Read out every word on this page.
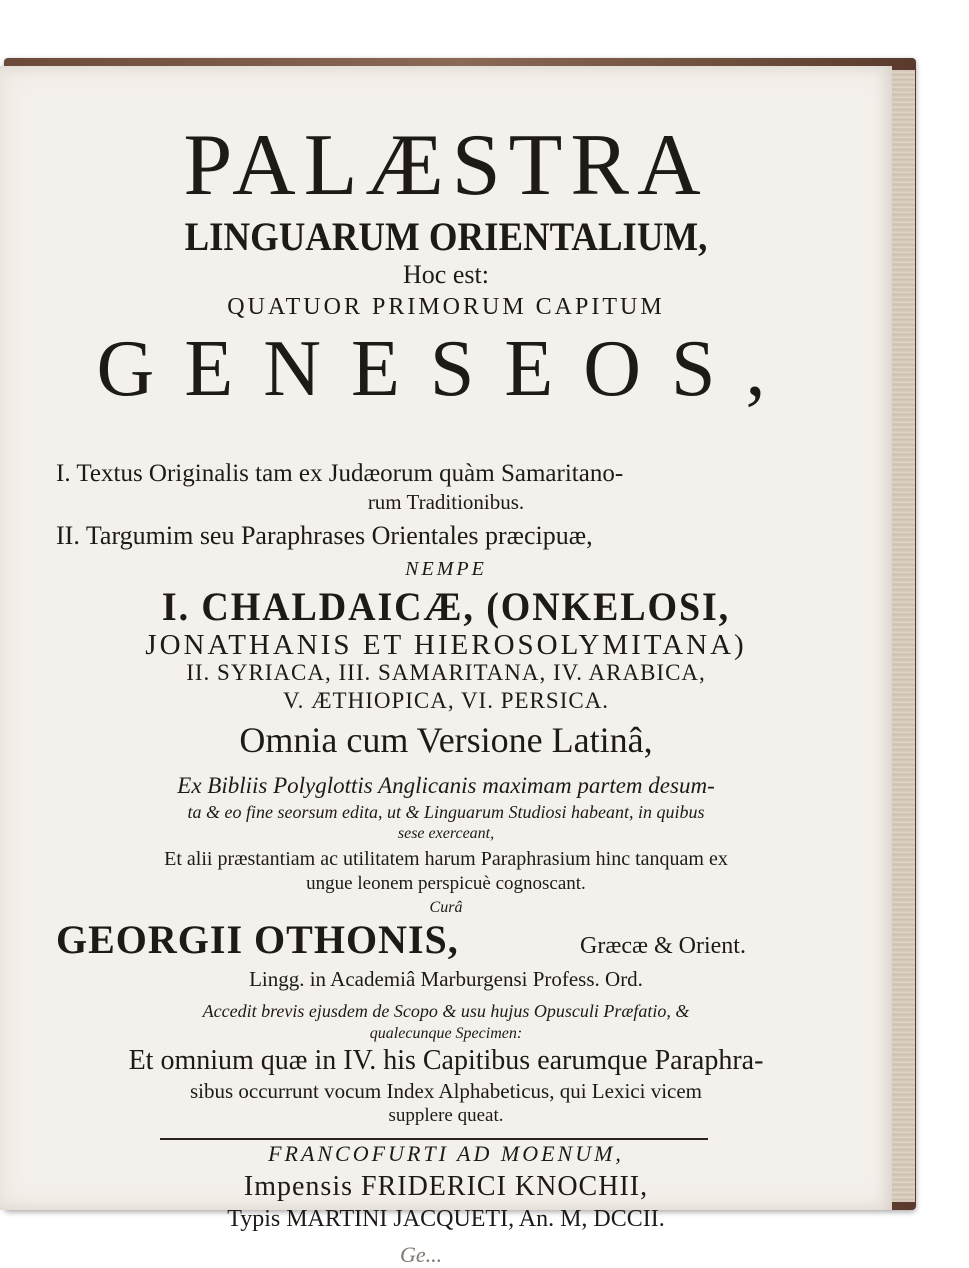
PALÆSTRA
LINGUARUM ORIENTALIUM,
Hoc est:
QUATUOR PRIMORUM CAPITUM
GENESEOS,
I. Textus Originalis tam ex Judæorum quàm Samaritano-
rum Traditionibus.
II. Targumim seu Paraphrases Orientales præcipuæ,
NEMPE
I. CHALDAICÆ, (ONKELOSI,
JONATHANIS ET HIEROSOLYMITANA)
II. SYRIACA, III. SAMARITANA, IV. ARABICA,
V. ÆTHIOPICA, VI. PERSICA.
Omnia cum Versione Latinâ,
Ex Bibliis Polyglottis Anglicanis maximam partem desum-
ta & eo fine seorsum edita, ut & Linguarum Studiosi habeant, in quibus
sese exerceant,
Et alii præstantiam ac utilitatem harum Paraphrasium hinc tanquam ex
ungue leonem perspicuè cognoscant.
Curâ
GEORGII OTHONIS,	Græcæ & Orient.
Lingg. in Academiâ Marburgensi Profess. Ord.
Accedit brevis ejusdem de Scopo & usu hujus Opusculi Præfatio, &
qualecunque Specimen:
Et omnium quæ in IV. his Capitibus earumque Paraphra-
sibus occurrunt vocum Index Alphabeticus, qui Lexici vicem
supplere queat.
FRANCOFURTI AD MOENUM,
Impensis FRIDERICI KNOCHII,
Typis MARTINI JACQUETI, An. M, DCCII.
Ge...
